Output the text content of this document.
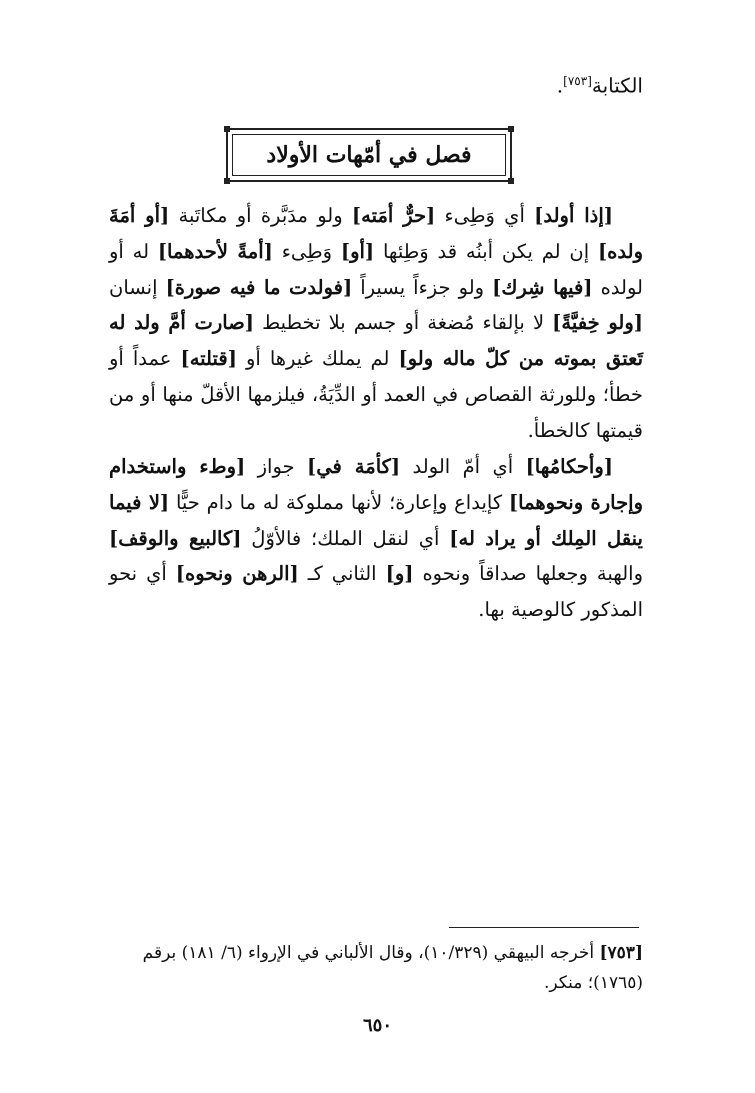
الكتابة[٧٥٣].
فصل في أمّهات الأولاد

[إذا أولد] أي وَطِىء [حرٌّ أمَته] ولو مدَبَّرة أو مكاتَبة [أو أمَةَ ولده] إن لم يكن أبنُه قد وَطِئها [أو] وَطِىء [أمةً لأحدهما] له أو لولده [فيها شِرك] ولو جزءاً يسيراً [فولدت ما فيه صورة] إنسان [ولو خِفيَّةً] لا بإلقاء مُضغة أو جسم بلا تخطيط [صارت أمَّ ولد له تَعتق بموته من كلّ ماله ولو] لم يملك غيرها أو [قتلته] عمداً أو خطأ؛ وللورثة القصاص في العمد أو الدِّيَةُ، فيلزمها الأقلّ منها أو من قيمتها كالخطأ.

[وأحكامُها] أي أمّ الولد [كأمَة في] جواز [وطء واستخدام وإجارة ونحوهما] كإيداع وإعارة؛ لأنها مملوكة له ما دام حيًّا [لا فيما ينقل المِلك أو يراد له] أي لنقل الملك؛ فالأوّلُ [كالبيع والوقف] والهبة وجعلها صداقاً ونحوه [و] الثاني كـ [الرهن ونحوه] أي نحو المذكور كالوصية بها.

[٧٥٣] أخرجه البيهقي (١٠/٣٢٩)، وقال الألباني في الإرواء (٦/ ١٨١) برقم (١٧٦٥)؛ منكر.
٦٥٠
